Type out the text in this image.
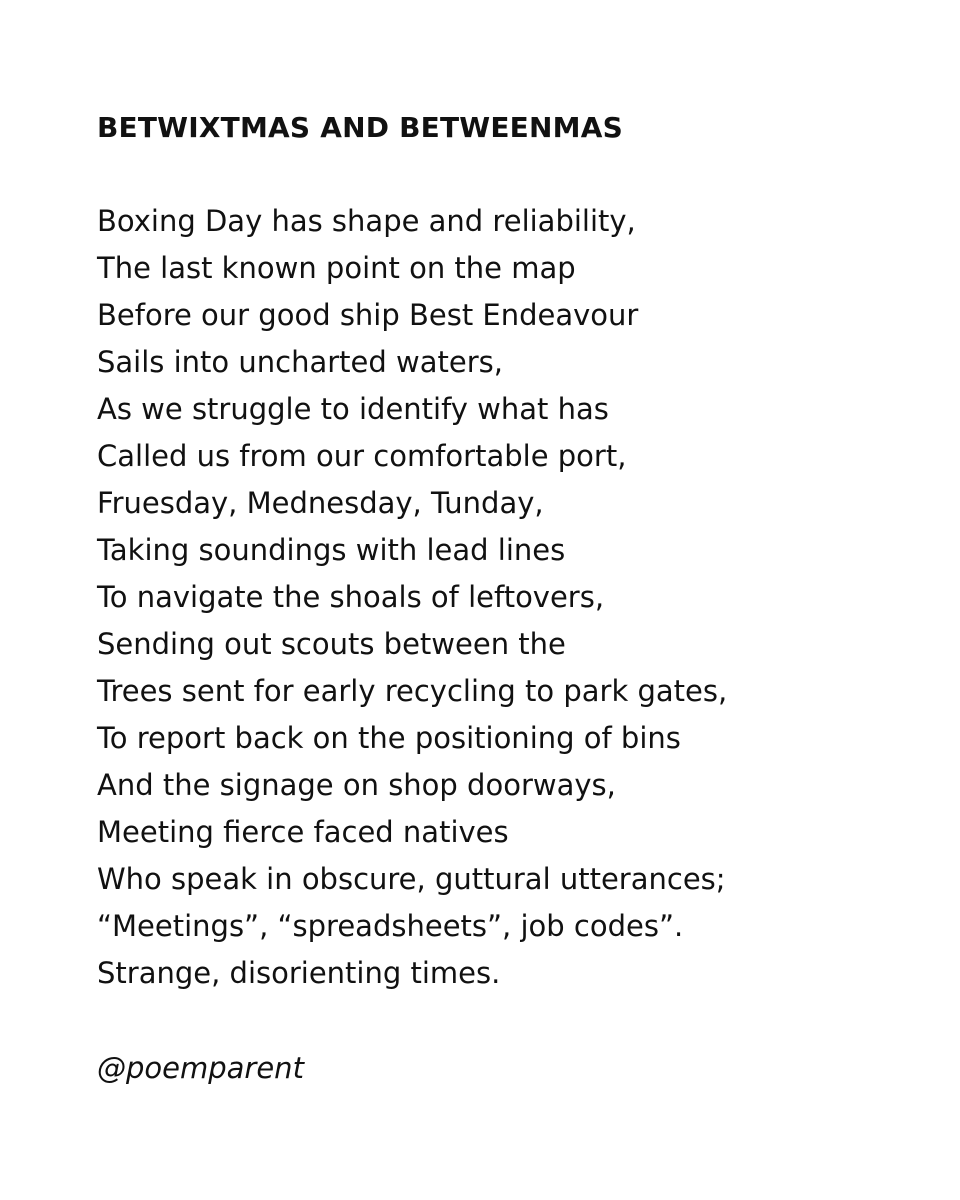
BETWIXTMAS AND BETWEENMAS
Boxing Day has shape and reliability,
The last known point on the map
Before our good ship Best Endeavour
Sails into uncharted waters,
As we struggle to identify what has
Called us from our comfortable port,
Fruesday, Mednesday, Tunday,
Taking soundings with lead lines
To navigate the shoals of leftovers,
Sending out scouts between the
Trees sent for early recycling to park gates,
To report back on the positioning of bins
And the signage on shop doorways,
Meeting fierce faced natives
Who speak in obscure, guttural utterances;
“Meetings”, “spreadsheets”, job codes”.
Strange, disorienting times.

@poemparent
